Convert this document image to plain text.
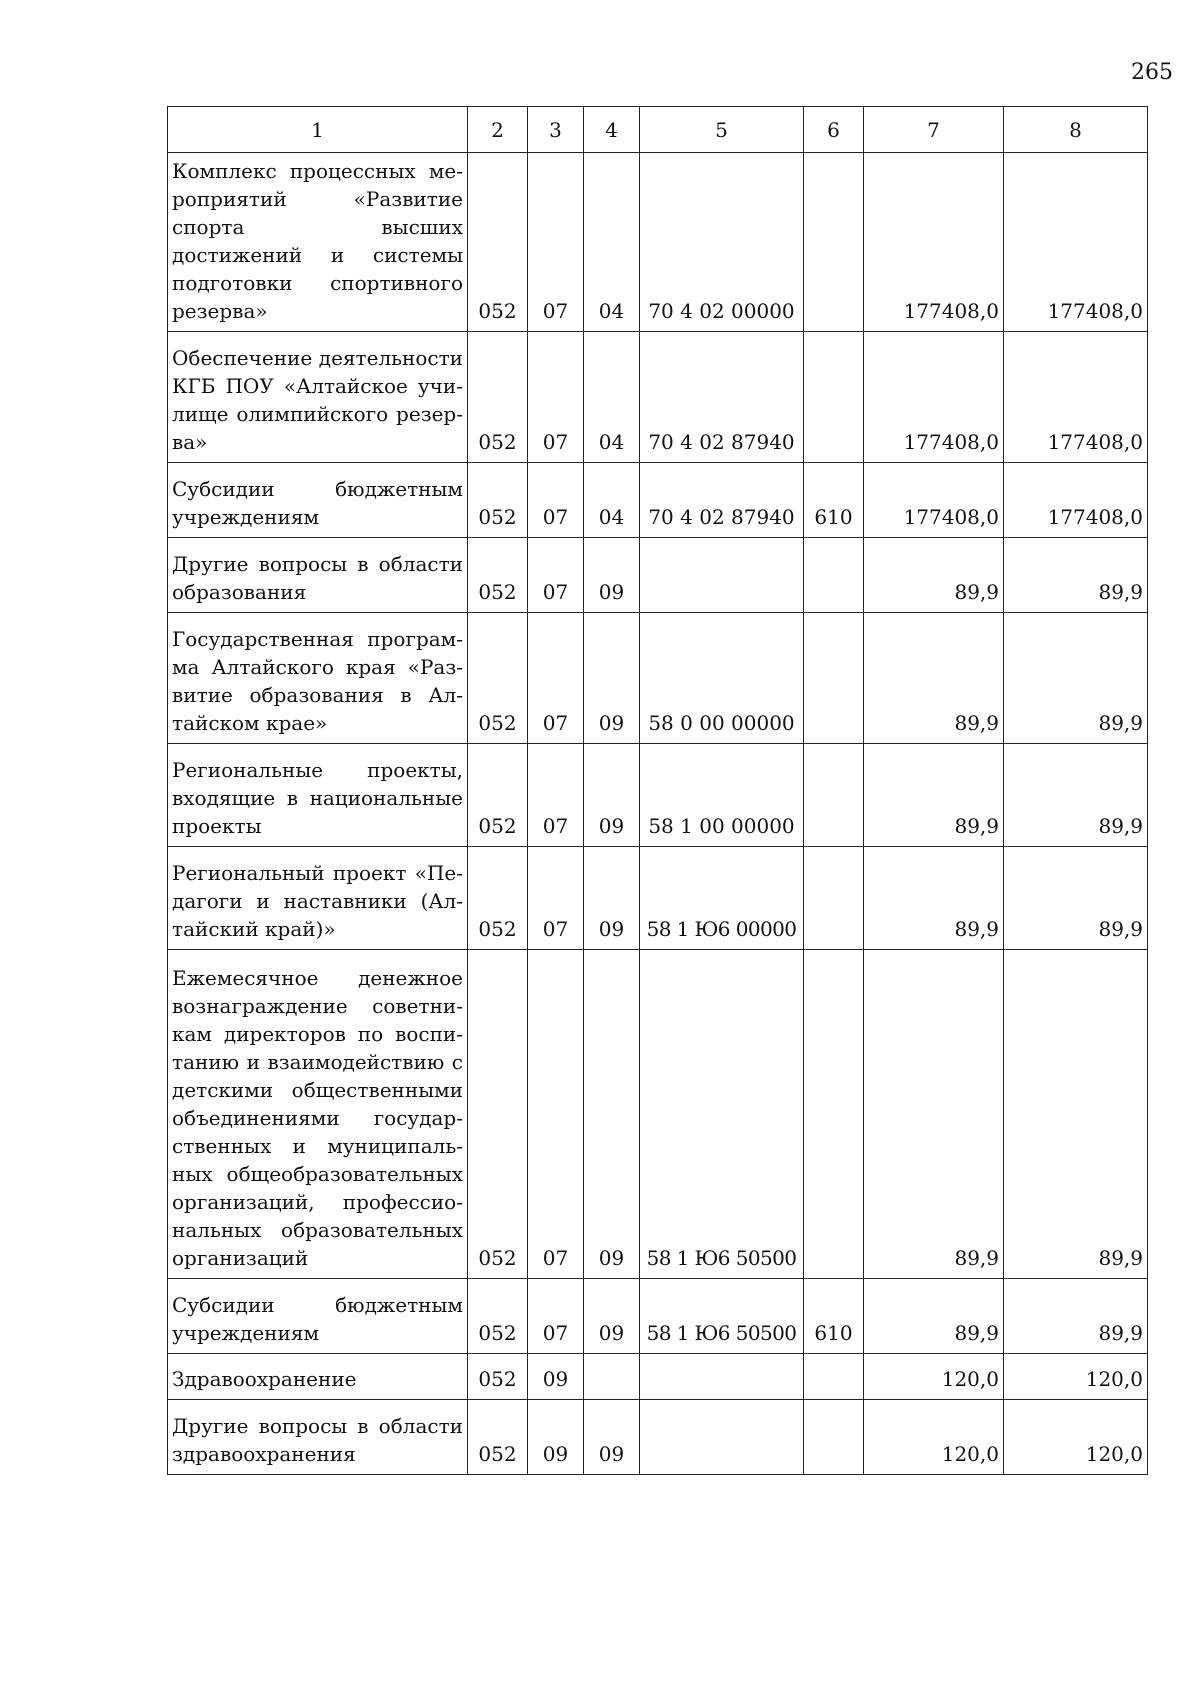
265
1	2	3	4	5	6	7	8
Комплекс процессных мероприятий «Развитие спорта высших достижений и системы подготовки спортивного резерва»	052	07	04	70 4 02 00000		177408,0	177408,0
Обеспечение деятельности КГБ ПОУ «Алтайское училище олимпийского резерва»	052	07	04	70 4 02 87940		177408,0	177408,0
Субсидии бюджетным учреждениям	052	07	04	70 4 02 87940	610	177408,0	177408,0
Другие вопросы в области образования	052	07	09			89,9	89,9
Государственная программа Алтайского края «Развитие образования в Алтайском крае»	052	07	09	58 0 00 00000		89,9	89,9
Региональные проекты, входящие в национальные проекты	052	07	09	58 1 00 00000		89,9	89,9
Региональный проект «Педагоги и наставники (Алтайский край)»	052	07	09	58 1 Ю6 00000		89,9	89,9
Ежемесячное денежное вознаграждение советникам директоров по воспитанию и взаимодействию с детскими общественными объединениями государственных и муниципальных общеобразовательных организаций, профессиональных образовательных организаций	052	07	09	58 1 Ю6 50500		89,9	89,9
Субсидии бюджетным учреждениям	052	07	09	58 1 Ю6 50500	610	89,9	89,9
Здравоохранение	052	09				120,0	120,0
Другие вопросы в области здравоохранения	052	09	09			120,0	120,0
